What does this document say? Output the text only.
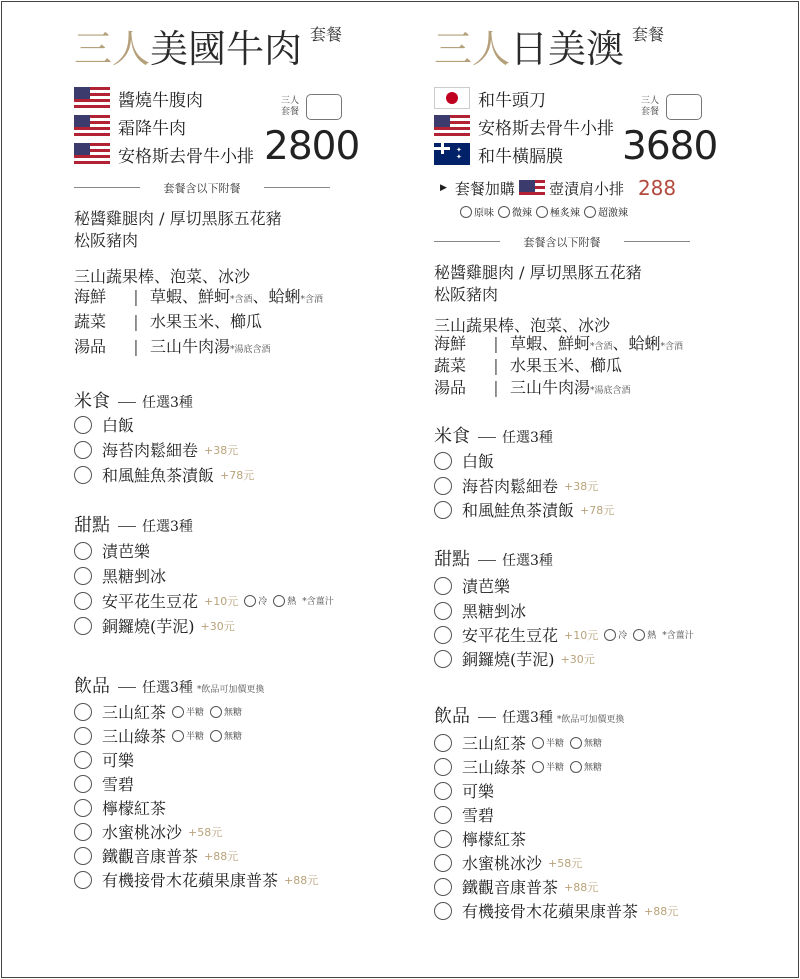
三人美國牛肉 套餐
醬燒牛腹肉
霜降牛肉
安格斯去骨牛小排
三人套餐
2800
套餐含以下附餐
秘醬雞腿肉 / 厚切黑豚五花豬
松阪豬肉
三山蔬果棒、泡菜、冰沙
海鮮 | 草蝦、鮮蚵*含酒、蛤蜊*含酒
蔬菜 | 水果玉米、櫛瓜
湯品 | 三山牛肉湯*湯底含酒
米食 任選3種
白飯
海苔肉鬆細卷 +38元
和風鮭魚茶漬飯 +78元
甜點 任選3種
漬芭樂
黑糖剉冰
安平花生豆花 +10元 冷 熱 *含薑汁
銅鑼燒(芋泥) +30元
飲品 任選3種 *飲品可加價更換
三山紅茶 半糖 無糖
三山綠茶 半糖 無糖
可樂
雪碧
檸檬紅茶
水蜜桃冰沙 +58元
鐵觀音康普茶 +88元
有機接骨木花蘋果康普茶 +88元
三人日美澳 套餐
和牛頭刀
安格斯去骨牛小排
✦ ✦
和牛橫膈膜
三人套餐
3680
▶ 套餐加購 壺漬肩小排 288
原味 微辣 極炙辣 超激辣
套餐含以下附餐
秘醬雞腿肉 / 厚切黑豚五花豬
松阪豬肉
三山蔬果棒、泡菜、冰沙
海鮮 | 草蝦、鮮蚵*含酒、蛤蜊*含酒
蔬菜 | 水果玉米、櫛瓜
湯品 | 三山牛肉湯*湯底含酒
米食 任選3種
白飯
海苔肉鬆細卷 +38元
和風鮭魚茶漬飯 +78元
甜點 任選3種
漬芭樂
黑糖剉冰
安平花生豆花 +10元 冷 熱 *含薑汁
銅鑼燒(芋泥) +30元
飲品 任選3種 *飲品可加價更換
三山紅茶 半糖 無糖
三山綠茶 半糖 無糖
可樂
雪碧
檸檬紅茶
水蜜桃冰沙 +58元
鐵觀音康普茶 +88元
有機接骨木花蘋果康普茶 +88元
